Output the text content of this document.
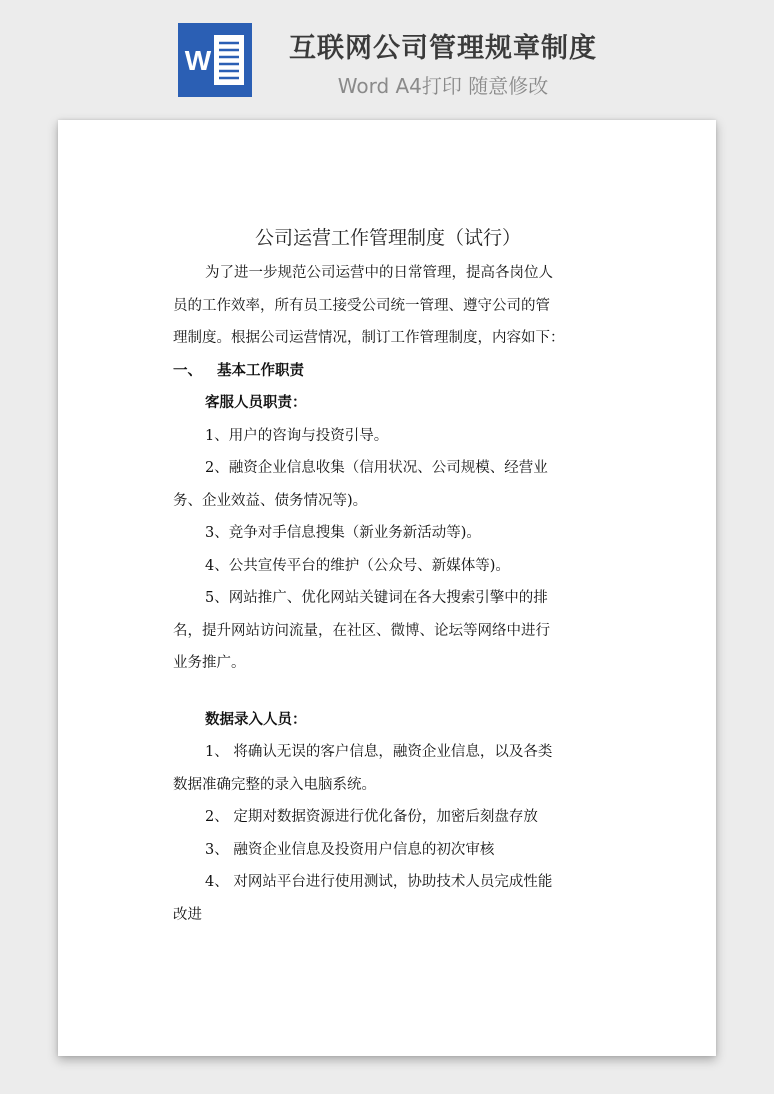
W	互联网公司管理规章制度
Word A4打印 随意修改
公司运营工作管理制度（试行）
为了进一步规范公司运营中的日常管理，提高各岗位人
员的工作效率，所有员工接受公司统一管理、遵守公司的管
理制度。根据公司运营情况，制订工作管理制度，内容如下：
一、 基本工作职责
客服人员职责：
1、用户的咨询与投资引导。
2、融资企业信息收集（信用状况、公司规模、经营业
务、企业效益、债务情况等)。
3、竞争对手信息搜集（新业务新活动等)。
4、公共宣传平台的维护（公众号、新媒体等)。
5、网站推广、优化网站关键词在各大搜索引擎中的排
名，提升网站访问流量，在社区、微博、论坛等网络中进行
业务推广。
数据录入人员：
1、 将确认无误的客户信息，融资企业信息，以及各类
数据准确完整的录入电脑系统。
2、 定期对数据资源进行优化备份，加密后刻盘存放
3、 融资企业信息及投资用户信息的初次审核
4、 对网站平台进行使用测试，协助技术人员完成性能
改进
